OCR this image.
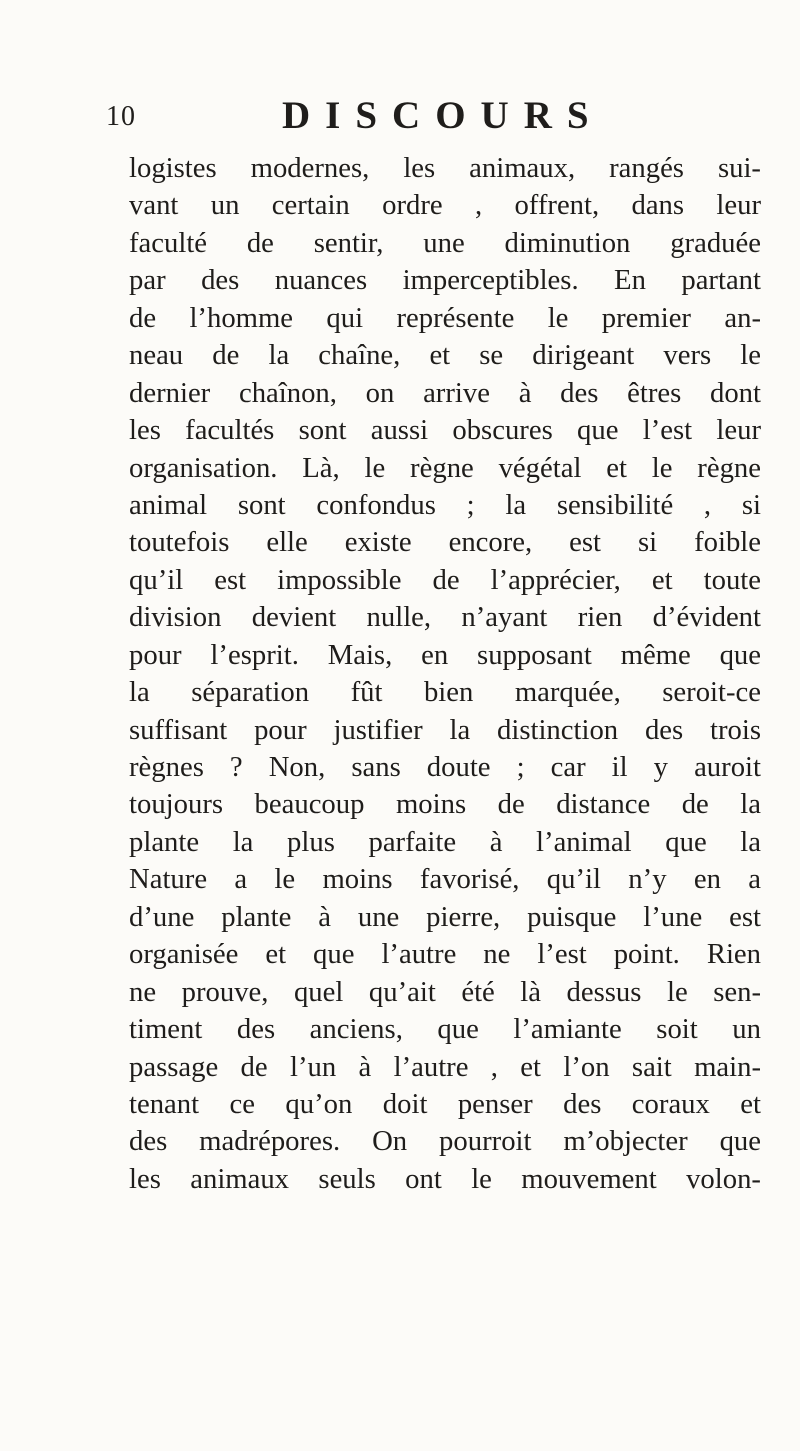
10	DISCOURS
logistes modernes, les animaux, rangés sui-
vant un certain ordre , offrent, dans leur
faculté de sentir, une diminution graduée
par des nuances imperceptibles. En partant
de l’homme qui représente le premier an-
neau de la chaîne, et se dirigeant vers le
dernier chaînon, on arrive à des êtres dont
les facultés sont aussi obscures que l’est leur
organisation. Là, le règne végétal et le règne
animal sont confondus ; la sensibilité , si
toutefois elle existe encore, est si foible
qu’il est impossible de l’apprécier, et toute
division devient nulle, n’ayant rien d’évident
pour l’esprit. Mais, en supposant même que
la séparation fût bien marquée, seroit-ce
suffisant pour justifier la distinction des trois
règnes ? Non, sans doute ; car il y auroit
toujours beaucoup moins de distance de la
plante la plus parfaite à l’animal que la
Nature a le moins favorisé, qu’il n’y en a
d’une plante à une pierre, puisque l’une est
organisée et que l’autre ne l’est point. Rien
ne prouve, quel qu’ait été là dessus le sen-
timent des anciens, que l’amiante soit un
passage de l’un à l’autre , et l’on sait main-
tenant ce qu’on doit penser des coraux et
des madrépores. On pourroit m’objecter que
les animaux seuls ont le mouvement volon-
